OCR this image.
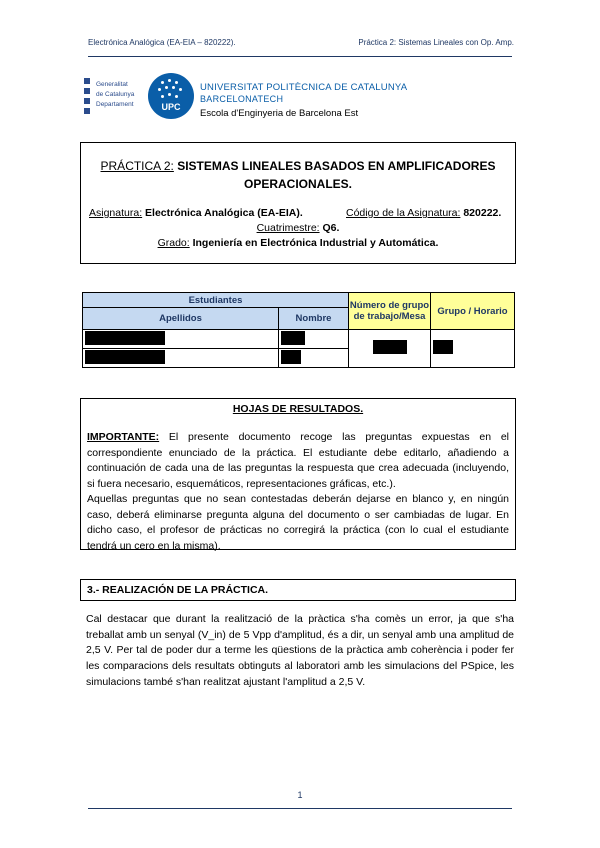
Electrónica Analógica (EA-EIA – 820222).	Práctica 2: Sistemas Lineales con Op. Amp.
Generalitat
de Catalunya
Departament	UPC
UNIVERSITAT POLITÈCNICA DE CATALUNYA
BARCELONATECH
Escola d'Enginyeria de Barcelona Est
PRÁCTICA 2: SISTEMAS LINEALES BASADOS EN AMPLIFICADORES
OPERACIONALES.
Asignatura: Electrónica Analógica (EA-EIA).	Código de la Asignatura: 820222.
Cuatrimestre: Q6.
Grado: Ingeniería en Electrónica Industrial y Automática.
Estudiantes		Número de grupo de trabajo/Mesa	Grupo / Horario
Apellidos	Nombre		

HOJAS DE RESULTADOS.
IMPORTANTE: El presente documento recoge las preguntas expuestas en el correspondiente enunciado de la práctica. El estudiante debe editarlo, añadiendo a continuación de cada una de las preguntas la respuesta que crea adecuada (incluyendo, si fuera necesario, esquemáticos, representaciones gráficas, etc.).
Aquellas preguntas que no sean contestadas deberán dejarse en blanco y, en ningún caso, deberá eliminarse pregunta alguna del documento o ser cambiadas de lugar. En dicho caso, el profesor de prácticas no corregirá la práctica (con lo cual el estudiante tendrá un cero en la misma).
3.- REALIZACIÓN DE LA PRÁCTICA.
Cal destacar que durant la realització de la pràctica s'ha comès un error, ja que s'ha treballat amb un senyal (V_in) de 5 Vpp d'amplitud, és a dir, un senyal amb una amplitud de 2,5 V. Per tal de poder dur a terme les qüestions de la pràctica amb coherència i poder fer les comparacions dels resultats obtinguts al laboratori amb les simulacions del PSpice, les simulacions també s'han realitzat ajustant l'amplitud a 2,5 V.
1
